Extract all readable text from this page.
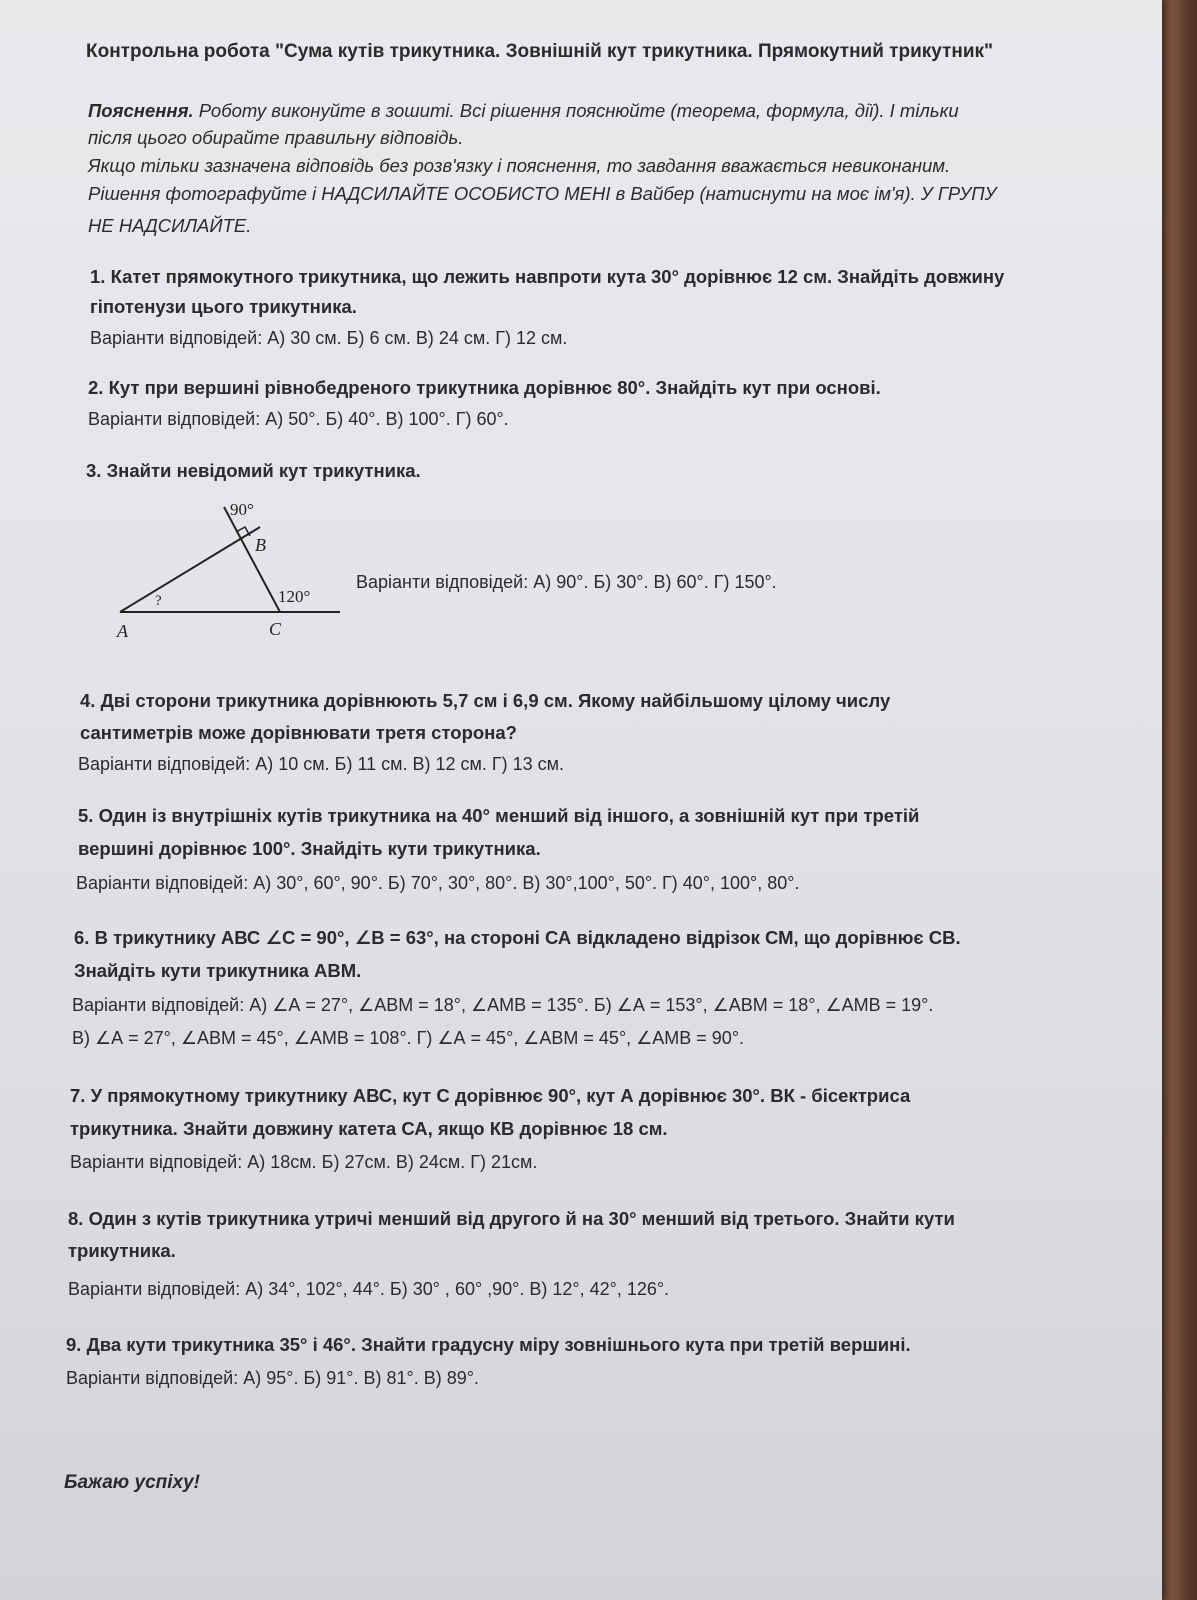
Контрольна робота "Сума кутів трикутника. Зовнішній кут трикутника. Прямокутний трикутник"
Пояснення. Роботу виконуйте в зошиті. Всі рішення пояснюйте (теорема, формула, дії). І тільки
після цього обирайте правильну відповідь.
Якщо тільки зазначена відповідь без розв'язку і пояснення, то завдання вважається невиконаним.
Рішення фотографуйте і НАДСИЛАЙТЕ ОСОБИСТО МЕНІ в Вайбер (натиснути на моє ім'я). У ГРУПУ
НЕ НАДСИЛАЙТЕ.
1. Катет прямокутного трикутника, що лежить навпроти кута 30° дорівнює 12 см. Знайдіть довжину
гіпотенузи цього трикутника.
Варіанти відповідей: А) 30 см. Б) 6 см. В) 24 см. Г) 12 см.
2. Кут при вершині рівнобедреного трикутника дорівнює 80°. Знайдіть кут при основі.
Варіанти відповідей: А) 50°. Б) 40°. В) 100°. Г) 60°.
3. Знайти невідомий кут трикутника.
90°
B
?	120°
A	C
Варіанти відповідей: А) 90°. Б) 30°. В) 60°. Г) 150°.
4. Дві сторони трикутника дорівнюють 5,7 см і 6,9 см. Якому найбільшому цілому числу
сантиметрів може дорівнювати третя сторона?
Варіанти відповідей: А) 10 см. Б) 11 см. В) 12 см. Г) 13 см.
5. Один із внутрішніх кутів трикутника на 40° менший від іншого, а зовнішній кут при третій
вершині дорівнює 100°. Знайдіть кути трикутника.
Варіанти відповідей: А) 30°, 60°, 90°. Б) 70°, 30°, 80°. В) 30°,100°, 50°. Г) 40°, 100°, 80°.
6. В трикутнику АВС ∠С = 90°, ∠В = 63°, на стороні СА відкладено відрізок СМ, що дорівнює СВ.
Знайдіть кути трикутника АВМ.
Варіанти відповідей: А) ∠А = 27°, ∠АВМ = 18°, ∠АМВ = 135°. Б) ∠А = 153°, ∠АВМ = 18°, ∠АМВ = 19°.
В) ∠А = 27°, ∠АВМ = 45°, ∠АМВ = 108°. Г) ∠А = 45°, ∠АВМ = 45°, ∠АМВ = 90°.
7. У прямокутному трикутнику АВС, кут С дорівнює 90°, кут А дорівнює 30°. ВК - бісектриса
трикутника. Знайти довжину катета СА, якщо КВ дорівнює 18 см.
Варіанти відповідей: А) 18см. Б) 27см. В) 24см. Г) 21см.
8. Один з кутів трикутника утричі менший від другого й на 30° менший від третього. Знайти кути
трикутника.
Варіанти відповідей: А) 34°, 102°, 44°. Б) 30° , 60° ,90°. В) 12°, 42°, 126°.
9. Два кути трикутника 35° і 46°. Знайти градусну міру зовнішнього кута при третій вершині.
Варіанти відповідей: А) 95°. Б) 91°. В) 81°. В) 89°.
Бажаю успіху!
